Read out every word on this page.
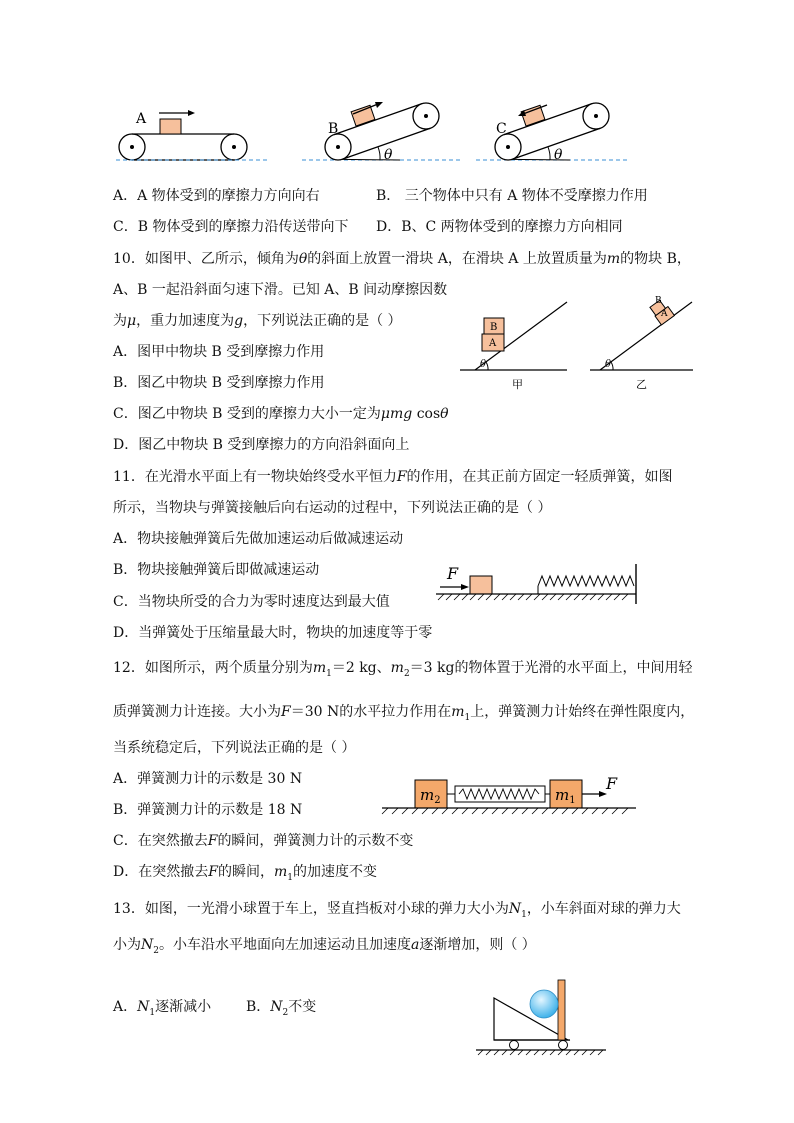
A
θ
B
θ
C
A．A 物体受到的摩擦力方向向右	B． 三个物体中只有 A 物体不受摩擦力作用
C．B 物体受到的摩擦力沿传送带向下 D．B、C 两物体受到的摩擦力方向相同
10．如图甲、乙所示，倾角为θ的斜面上放置一滑块 A，在滑块 A 上放置质量为m的物块 B，
A、B 一起沿斜面匀速下滑。已知 A、B 间动摩擦因数
为μ，重力加速度为g，下列说法正确的是（ ）
A．图甲中物块 B 受到摩擦力作用
B．图乙中物块 B 受到摩擦力作用
C．图乙中物块 B 受到的摩擦力大小一定为μmg cosθ
D．图乙中物块 B 受到摩擦力的方向沿斜面向上
θ
A
B
甲
θ
A
B
乙
11．在光滑水平面上有一物块始终受水平恒力F的作用，在其正前方固定一轻质弹簧，如图
所示，当物块与弹簧接触后向右运动的过程中，下列说法正确的是（ ）
A．物块接触弹簧后先做加速运动后做减速运动
B．物块接触弹簧后即做减速运动
C．当物块所受的合力为零时速度达到最大值
D．当弹簧处于压缩量最大时，物块的加速度等于零
F
12．如图所示，两个质量分别为$m_1=2$ kg、$m_2=3$ kg的物体置于光滑的水平面上，中间用轻
质弹簧测力计连接。大小为F＝30 N的水平拉力作用在$m_1$上，弹簧测力计始终在弹性限度内，
当系统稳定后，下列说法正确的是（ ）
A．弹簧测力计的示数是 30 N
B．弹簧测力计的示数是 18 N
C．在突然撤去F的瞬间，弹簧测力计的示数不变
D．在突然撤去F的瞬间，$m_1$的加速度不变
$m_2$	$m_1$
F
13．如图，一光滑小球置于车上，竖直挡板对小球的弹力大小为$N_1$，小车斜面对球的弹力大
小为$N_2$。小车沿水平地面向左加速运动且加速度a逐渐增加，则（ ）
A．$N_1$逐渐减小 B．$N_2$不变
